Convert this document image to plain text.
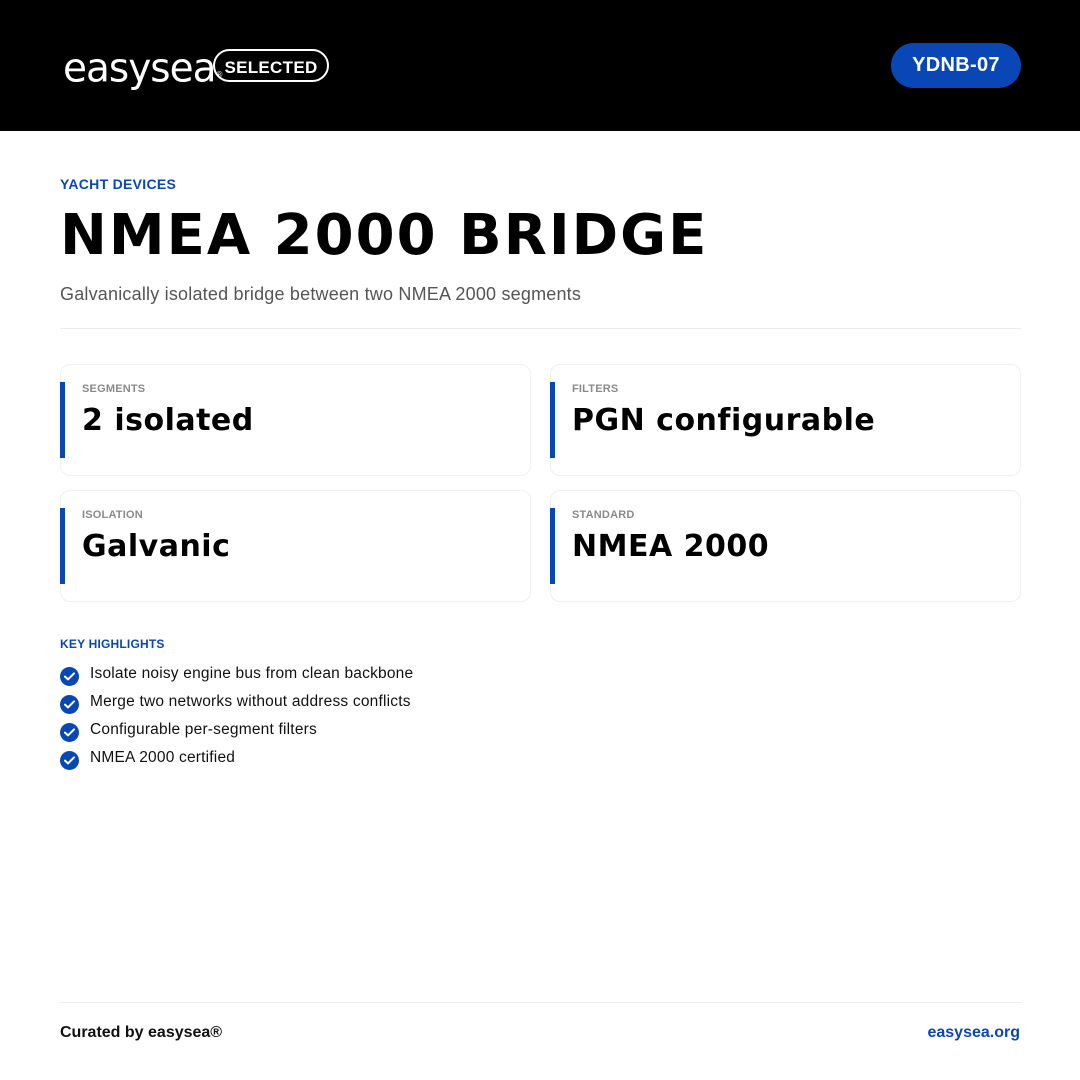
easysea ® SELECTED	YDNB-07
YACHT DEVICES
NMEA 2000 BRIDGE

Galvanically isolated bridge between two NMEA 2000 segments

SEGMENTS
2 isolated
FILTERS
PGN configurable
ISOLATION
Galvanic
STANDARD
NMEA 2000
KEY HIGHLIGHTS
Isolate noisy engine bus from clean backbone
Merge two networks without address conflicts
Configurable per-segment filters
NMEA 2000 certified
Curated by easysea®	easysea.org
